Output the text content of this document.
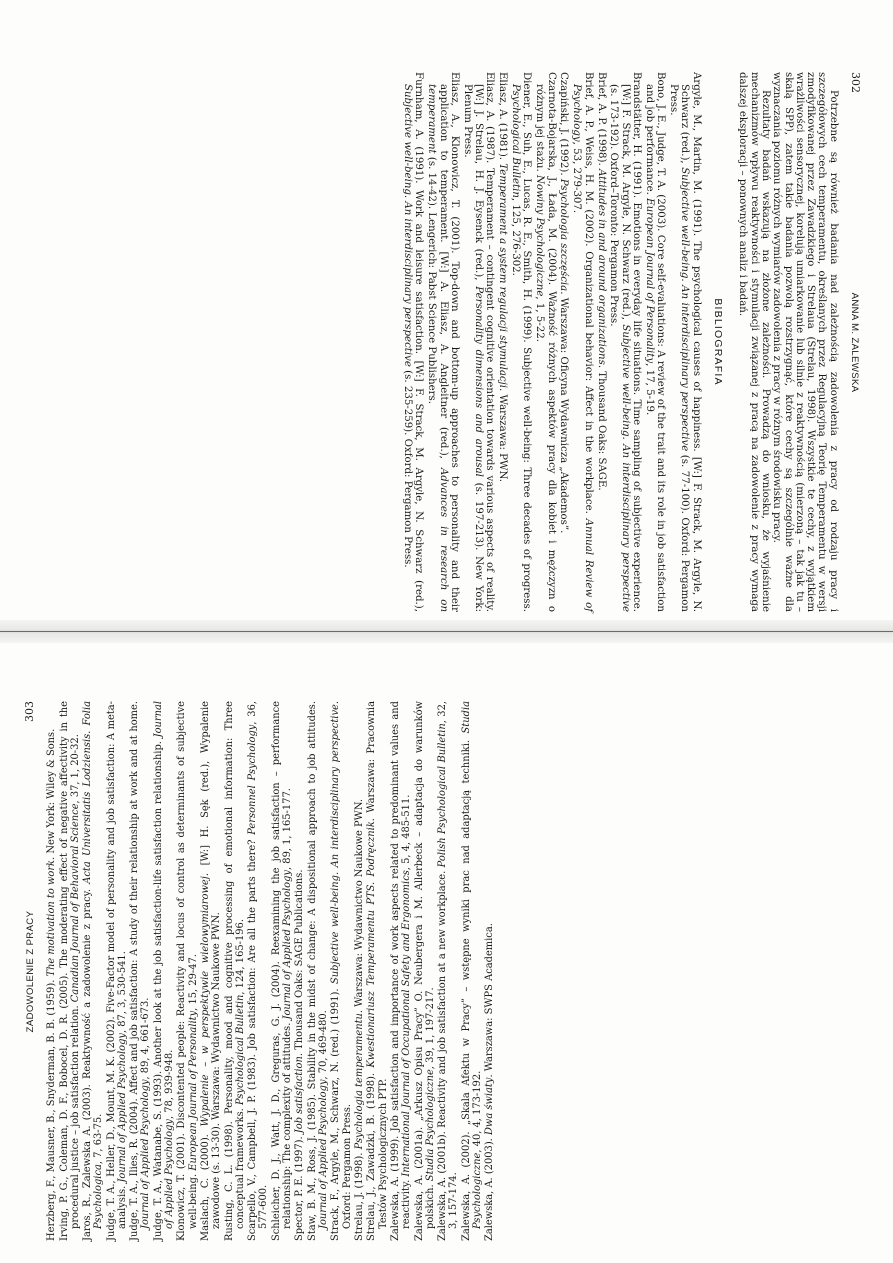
302
ANNA M. ZALEWSKA

Potrzebne są również badania nad zależnością zadowolenia z pracy od rodzaju pracy i szczegółowych cech temperamentu, określanych przez Regulacyjną Teorię Temperamentu w wersji zmodyfikowanej przez Zawadzkiego i Strelaua (Strelau, 1998). Wszystkie te cechy, z wyjątkiem wrażliwości sensorycznej, korelują umiarkowanie lub silnie z reaktywnością (mierzoną – tak jak tu – skalą SPP), zatem takie badania pozwolą rozstrzygnąć, które cechy są szczególnie ważne dla wyznaczania poziomu różnych wymiarów zadowolenia z pracy w różnym środowisku pracy.

Rezultaty badań wskazują na złożone zależności. Prowadzą do wniosku, że wyjaśnienie mechanizmów wpływu reaktywności i stymulacji związanej z pracą na zadowolenie z pracy wymaga dalszej eksploracji – ponownych analiz i badań.

BIBLIOGRAFIA
Argyle, M., Martin, M. (1991). The psychological causes of happiness. [W:] F. Strack, M. Argyle, N. Schwarz (red.), Subjective well-being. An interdisciplinary perspective (s. 77-100). Oxford: Pergamon Press.
Bono, J. E., Judge, T. A. (2003). Core self-evaluations: A review of the trait and its role in job satisfaction and job performance. European Journal of Personality, 17, 5-19.
Brandstätter, H. (1991). Emotions in everyday life situations. Time sampling of subjective experience. [W:] F. Strack, M. Argyle, N. Schwarz (red.), Subjective well-being. An interdisciplinary perspective (s. 173-192). Oxford–Toronto: Pergamon Press.
Brief, A. P. (1998). Attitudes in and around organizations. Thousand Oaks: SAGE.
Brief, A. P., Weiss, H. M. (2002). Organizational behavior: Affect in the workplace. Annual Review of Psychology, 53, 279-307.
Czapiński, J. (1992). Psychologia szczęścia. Warszawa: Oficyna Wydawnicza „Akademos”.
Czarnota-Bojarska, J., Łada, M. (2004). Ważność różnych aspektów pracy dla kobiet i mężczyzn o różnym jej stażu. Nowiny Psychologiczne, 1, 5-22.
Diener, E., Suh, E., Lucas, R. E., Smith, H. (1999). Subjective well-being: Three decades of progress. Psychological Bulletin, 125, 276-302.
Eliasz, A. (1981). Temperament a system regulacji stymulacji. Warszawa: PWN.
Eliasz, A. (1987). Temperament – contingent cognitive orientation towards various aspects of reality. [W:] J. Strelau, H. J. Eysenck (red.), Personality dimensions and arousal (s. 197-213). New York: Plenum Press.
Eliasz, A., Klonowicz, T. (2001). Top-down and bottom-up approaches to personality and their application to temperament. [W:] A. Eliasz, A. Angleitner (red.), Advances in research on temperament (s. 14-42). Lengerich: Pabst Science Publishers.
Furnham, A. (1991). Work and leisure satisfaction. [W:] F. Strack, M. Argyle, N. Schwarz (red.), Subjective well-being. An interdisciplinary perspective (s. 235-259). Oxford: Pergamon Press.
ZADOWOLENIE Z PRACY
303
Herzberg, F., Mausner, B., Snyderman, B. B. (1959). The motivation to work. New York: Wiley & Sons. Irving, P. G., Coleman, D. F., Bobocel, D. R. (2005). The moderating effect of negative affectivity in the procedural justice – job satisfaction relation. Canadian Journal of Behavioral Science, 37, 1, 20-32.
Jaros, R., Zalewska A. (2003). Reaktywność a zadowolenie z pracy. Acta Universitatis Lodziensis. Folia Psychologica, 7, 63-75. Judge, T. A., Heller, D., Mount, M. K. (2002). Five-Factor model of personality and job satisfaction: A meta-analysis. Journal of Applied Psychology, 87, 3, 530-541. Judge, T. A., Ilies, R. (2004). Affect and job satisfaction: A study of their relationship at work and at home. Journal of Applied Psychology, 89, 4, 661-673. Judge, T. A., Watanabe, S. (1993). Another look at the job satisfaction-life satisfaction relationship. Journal of Applied Psychology, 78, 939-948. Klonowicz, T. (2001). Discontented people: Reactivity and locus of control as determinants of subjective well-being. European Journal of Personality, 15, 29-47.
Maslach, C. (2000). Wypalenie – w perspektywie wielowymiarowej. [W:] H. Sęk (red.), Wypalenie zawodowe (s. 13-30). Warszawa: Wydawnictwo Naukowe PWN. Rusting, C. L. (1998). Personality, mood and cognitive processing of emotional information: Three conceptual frameworks. Psychological Bulletin, 124, 165-196. Scarpello, V., Campbell, J. P. (1983). Job satisfaction: Are all the parts there? Personnel Psychology, 36, 577-600. Schleicher, D. J., Watt, J. D., Greguras, G. J. (2004). Reexamining the job satisfaction – performance relationship: The complexity of attitudes. Journal of Applied Psychology, 89, 1, 165-177.
Spector, P. E. (1997). Job satisfaction. Thousand Oaks: SAGE Publications. Staw, B. M., Ross, J. (1985). Stability in the midst of change: A dispositional approach to job attitudes. Journal of Applied Psychology, 70, 469-480. Strack, F., Argyle, M., Schwarz, N. (red.) (1991). Subjective well-being. An interdisciplinary perspective. Oxford: Pergamon Press. Strelau, J. (1998). Psychologia temperamentu. Warszawa: Wydawnictwo Naukowe PWN.
Strelau, J., Zawadzki, B. (1998). Kwestionariusz Temperamentu PTS. Podręcznik. Warszawa: Pracownia Testów Psychologicznych PTP. Zalewska, A. (1999). Job satisfaction and importance of work aspects related to predominant values and reactivity. International Journal of Occupational Safety and Ergonomics, 5, 4, 485-511. Zalewska, A. (2001a). „Arkusz Opisu Pracy” O. Neubergera i M. Allerbeck – adaptacja do warunków polskich. Studia Psychologiczne, 39, 1, 197-217. Zalewska, A. (2001b). Reactivity and job satisfaction at a new workplace. Polish Psychological Bulletin, 32, 3, 157-174. Zalewska, A. (2002). „Skala Afektu w Pracy” – wstępne wyniki prac nad adaptacją techniki. Studia Psychologiczne, 40, 4, 173-192.
Zalewska, A. (2003). Dwa światy. Warszawa: SWPS Academica.
